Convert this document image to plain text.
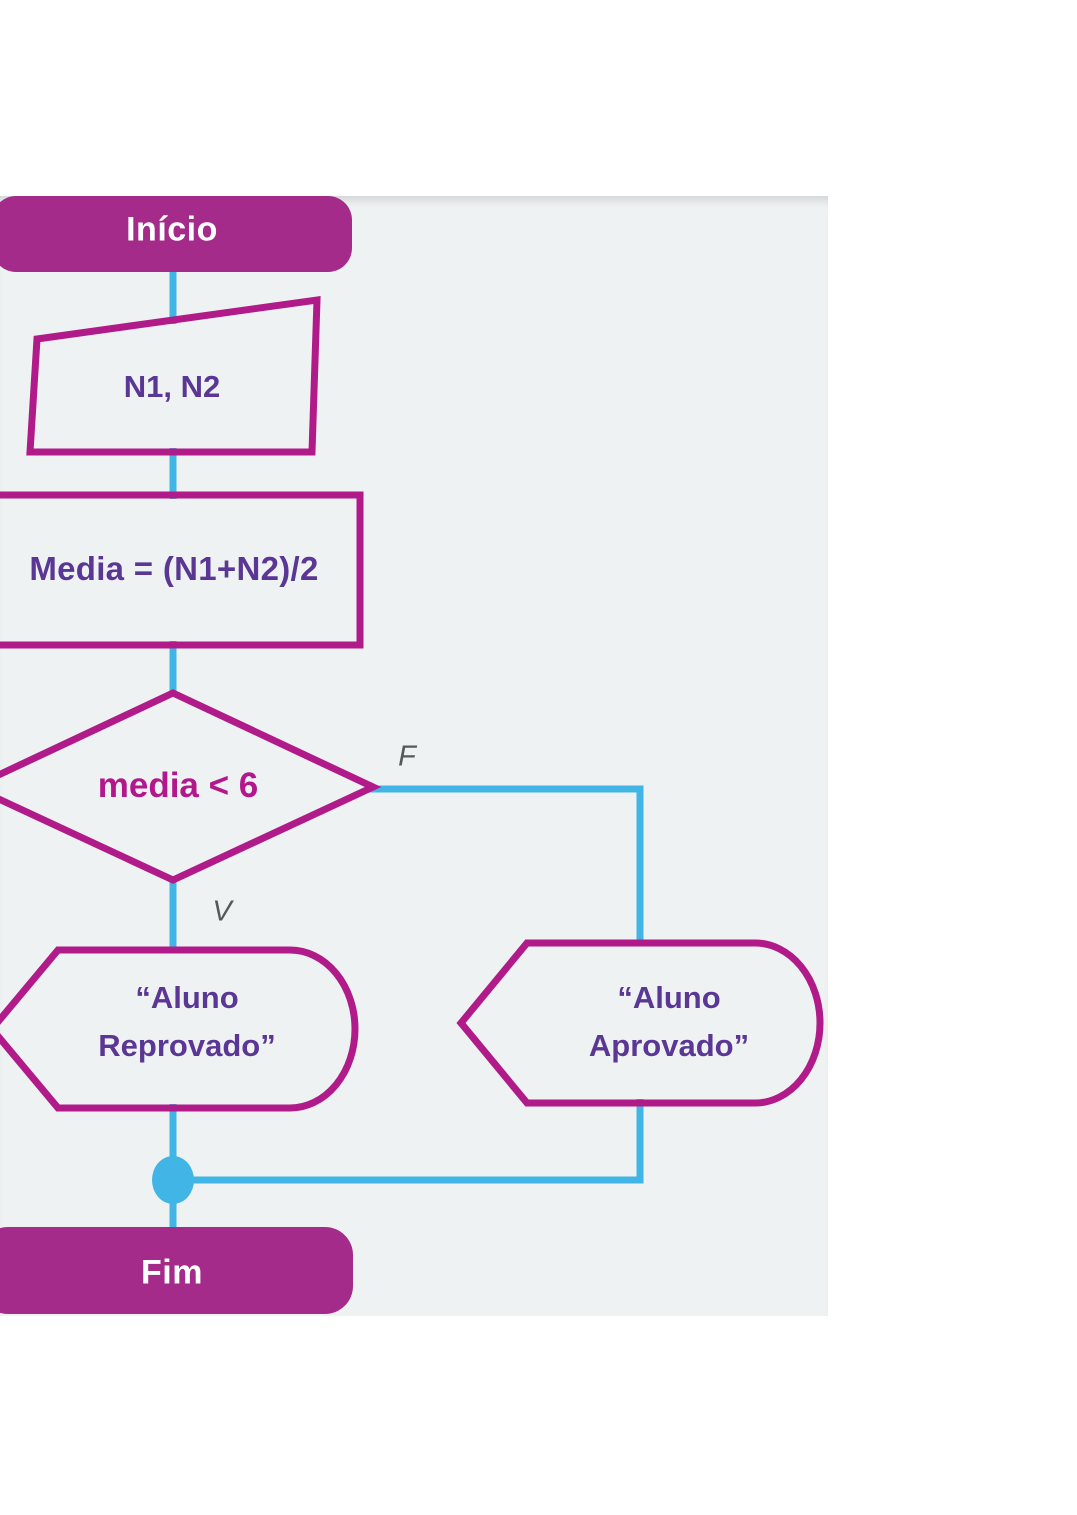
Início
N1, N2
Media = (N1+N2)/2
media < 6
F
V
“Aluno
Reprovado”
“Aluno
Aprovado”
Fim
